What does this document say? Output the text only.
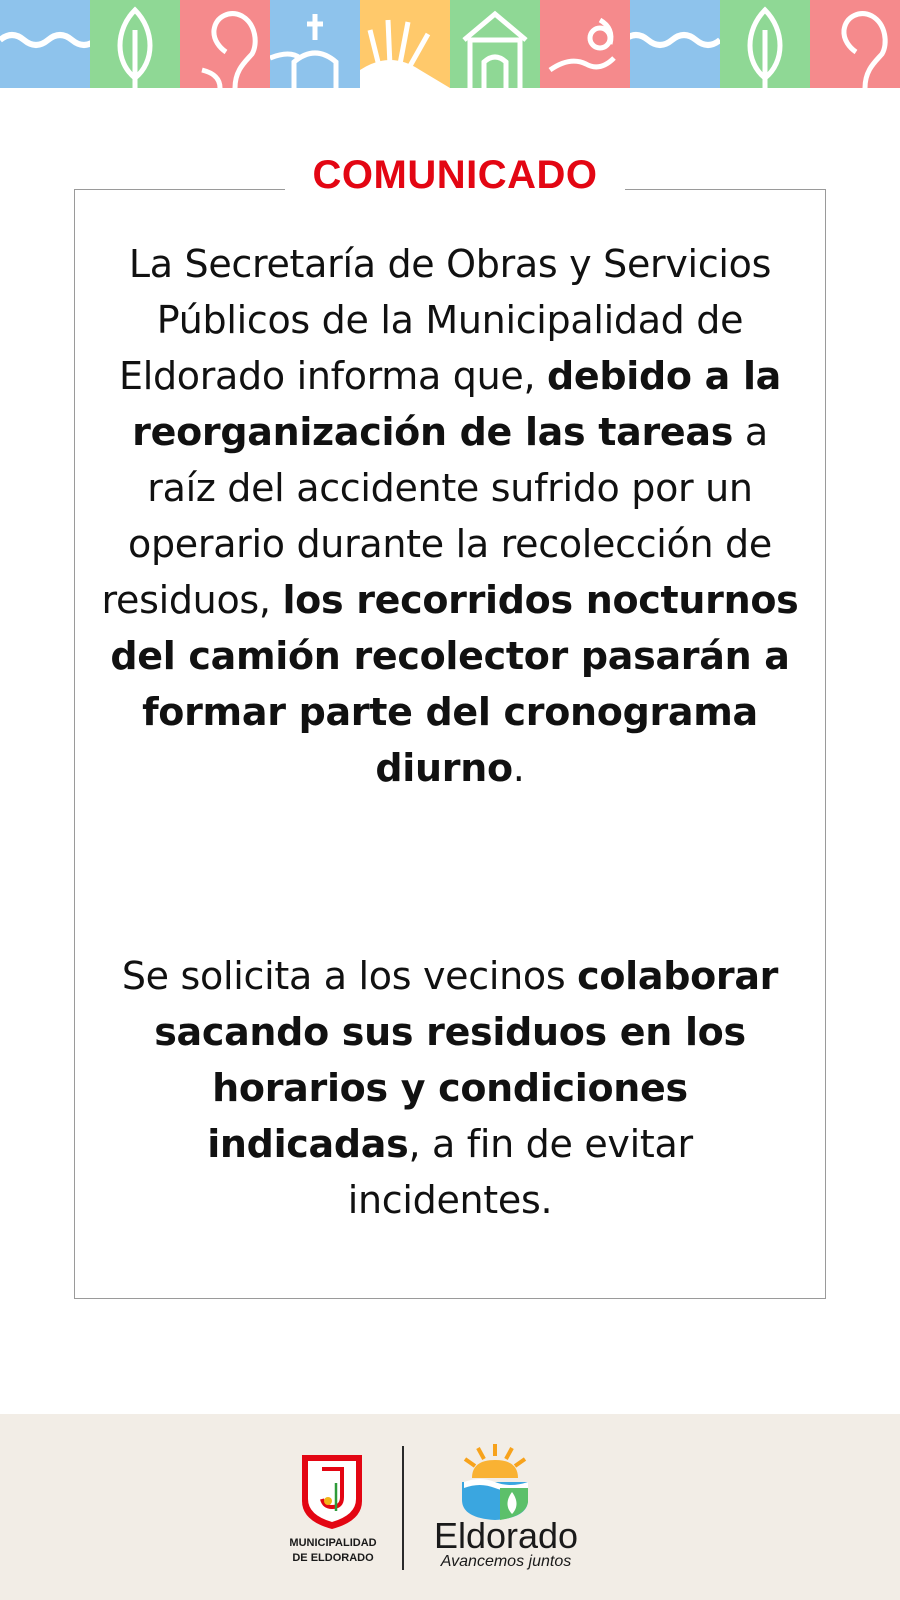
COMUNICADO
La Secretaría de Obras y Servicios Públicos de la Municipalidad de Eldorado informa que, debido a la reorganización de las tareas a raíz del accidente sufrido por un operario durante la recolección de residuos, los recorridos nocturnos del camión recolector pasarán a formar parte del cronograma diurno.
Se solicita a los vecinos colaborar sacando sus residuos en los horarios y condiciones indicadas, a fin de evitar incidentes.
MUNICIPALIDAD
DE ELDORADO
Eldorado
Avancemos juntos
